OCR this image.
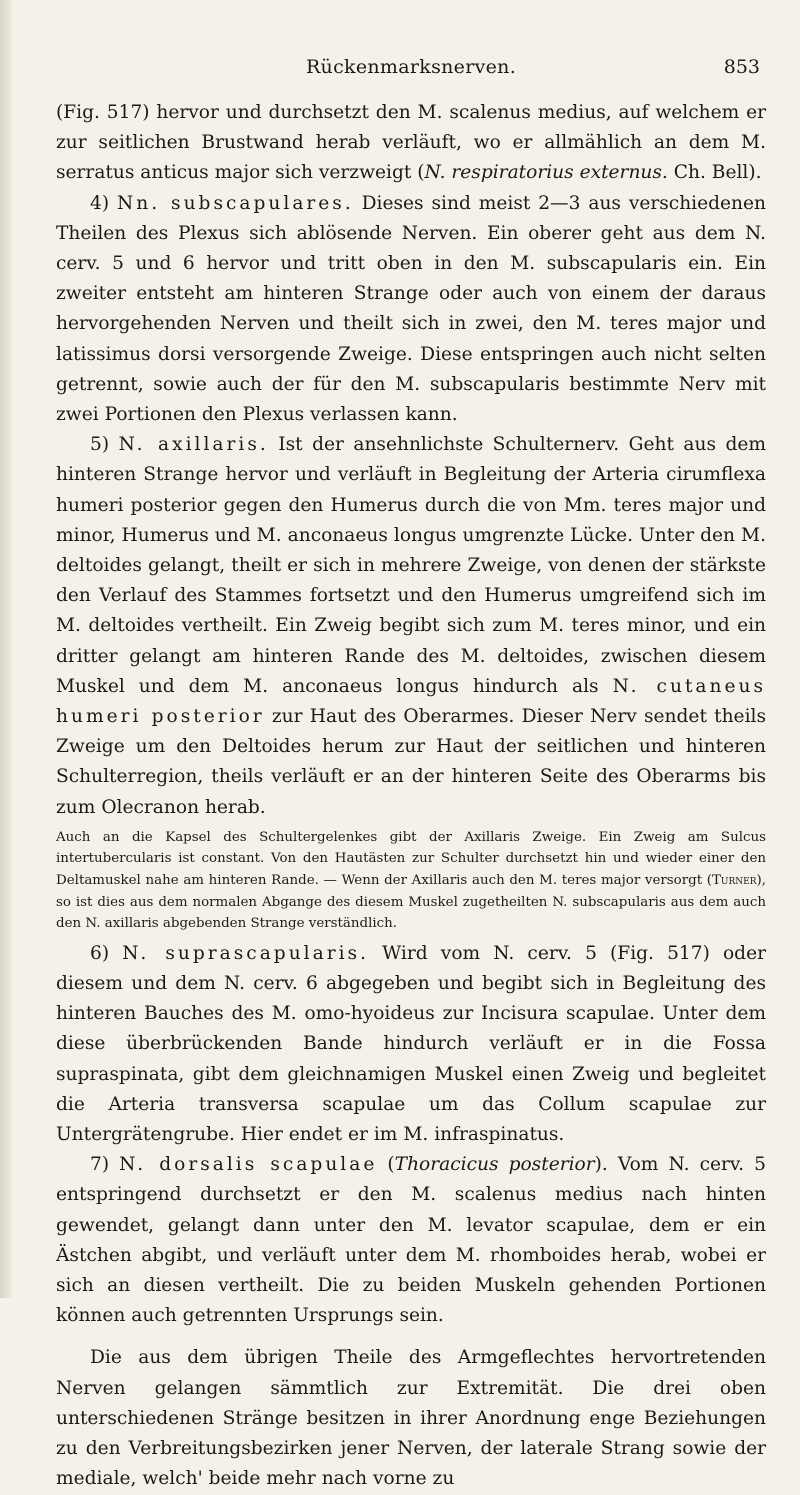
Rückenmarksnerven.	853

(Fig. 517) hervor und durchsetzt den M. scalenus medius, auf welchem er zur seitlichen Brustwand herab verläuft, wo er allmählich an dem M. serratus anticus major sich verzweigt (N. respiratorius externus. Ch. Bell).

4) Nn. subscapulares. Dieses sind meist 2—3 aus verschiedenen Theilen des Plexus sich ablösende Nerven. Ein oberer geht aus dem N. cerv. 5 und 6 hervor und tritt oben in den M. subscapularis ein. Ein zweiter entsteht am hinteren Strange oder auch von einem der daraus hervorgehenden Nerven und theilt sich in zwei, den M. teres major und latissimus dorsi versorgende Zweige. Diese entspringen auch nicht selten getrennt, sowie auch der für den M. subscapularis bestimmte Nerv mit zwei Portionen den Plexus verlassen kann.

5) N. axillaris. Ist der ansehnlichste Schulternerv. Geht aus dem hinteren Strange hervor und verläuft in Begleitung der Arteria cirumflexa humeri posterior gegen den Humerus durch die von Mm. teres major und minor, Humerus und M. anconaeus longus umgrenzte Lücke. Unter den M. deltoides gelangt, theilt er sich in mehrere Zweige, von denen der stärkste den Verlauf des Stammes fortsetzt und den Humerus umgreifend sich im M. deltoides vertheilt. Ein Zweig begibt sich zum M. teres minor, und ein dritter gelangt am hinteren Rande des M. deltoides, zwischen diesem Muskel und dem M. anconaeus longus hindurch als N. cutaneus humeri posterior zur Haut des Oberarmes. Dieser Nerv sendet theils Zweige um den Deltoides herum zur Haut der seitlichen und hinteren Schulterregion, theils verläuft er an der hinteren Seite des Oberarms bis zum Olecranon herab.

Auch an die Kapsel des Schultergelenkes gibt der Axillaris Zweige. Ein Zweig am Sulcus intertubercularis ist constant. Von den Hautästen zur Schulter durchsetzt hin und wieder einer den Deltamuskel nahe am hinteren Rande. — Wenn der Axillaris auch den M. teres major versorgt (Turner), so ist dies aus dem normalen Abgange des diesem Muskel zugetheilten N. subscapularis aus dem auch den N. axillaris abgebenden Strange verständlich.

6) N. suprascapularis. Wird vom N. cerv. 5 (Fig. 517) oder diesem und dem N. cerv. 6 abgegeben und begibt sich in Begleitung des hinteren Bauches des M. omo-hyoideus zur Incisura scapulae. Unter dem diese überbrückenden Bande hindurch verläuft er in die Fossa supraspinata, gibt dem gleichnamigen Muskel einen Zweig und begleitet die Arteria transversa scapulae um das Collum scapulae zur Untergrätengrube. Hier endet er im M. infraspinatus.

7) N. dorsalis scapulae (Thoracicus posterior). Vom N. cerv. 5 entspringend durchsetzt er den M. scalenus medius nach hinten gewendet, gelangt dann unter den M. levator scapulae, dem er ein Ästchen abgibt, und verläuft unter dem M. rhomboides herab, wobei er sich an diesen vertheilt. Die zu beiden Muskeln gehenden Portionen können auch getrennten Ursprungs sein.

Die aus dem übrigen Theile des Armgeflechtes hervortretenden Nerven gelangen sämmtlich zur Extremität. Die drei oben unterschiedenen Stränge besitzen in ihrer Anordnung enge Beziehungen zu den Verbreitungsbezirken jener Nerven, der laterale Strang sowie der mediale, welch' beide mehr nach vorne zu
